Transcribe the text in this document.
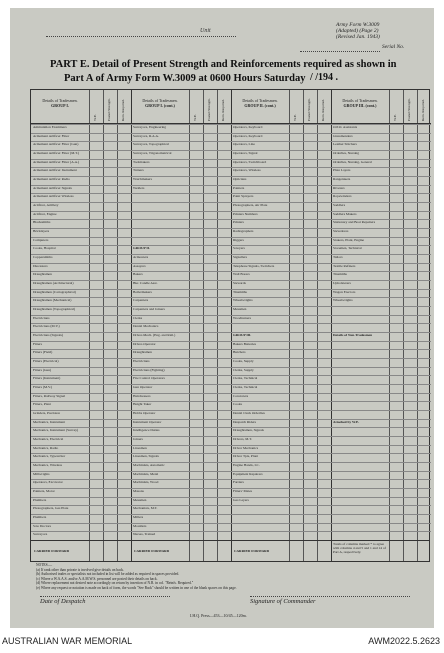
Unit
Army Form W.3009
(Adapted) (Page 2)
(Revised Jan. 1943)
Serial No.
PART E. Detail of Present Strength and Reinforcements required as shown in
Part A of Army Form W.3009 at 0600 Hours Saturday / /194 .
Details of Tradesmen.
GROUP I.
W.E.	Posted Strength.	Rein. Required.
Ammunition Examiners
Armament Artificer Fitter
Armament Artificer Fitter (Gun)
Armament Artificer Fitter (M.T.)
Armament Artificer Fitter (A.A.)
Armament Artificer Instrument
Armament Artificer Radio
Armament Artificer Signals
Armament Artificer Wireless
Artificer, Artillery
Artificer, Engine
Blacksmiths
Bricklayers
Computers
Cooks, Hospital
Coppersmiths
Diecasters
Draughtsmen
Draughtsmen (Architectural)
Draughtsmen (Cartographical)
Draughtsmen (Mechanical)
Draughtsmen (Topographical)
Electricians
Electricians (M.V.)
Electricians (Signals)
Fitters
Fitters (Field)
Fitters (Electrical)
Fitters (Gun)
Fitters (Instrument)
Fitters (M.V.)
Fitters, Railway Signal
Fitters, Plant
Grinders, Precision
Mechanics, Instrument
Mechanics, Instrument (Survey)
Mechanics, Electrical
Mechanics, Radio
Mechanics, Typewriter
Mechanics, Wireless
Millwrights
Operators, Excavator
Painters, Motor
Plumbers
Photographers, Gas Plate
Plumbers
Saw Doctors
Surveyors
CARRIED FORWARD
Details of Tradesmen.
GROUP I. (cont.)
W.E.	Posted Strength.	Rein. Required.
Surveyors, Engineering
Surveyors, R.A.A.
Surveyors, Topographical
Surveyors, Trigonometrical
Toolmakers
Turners
Watchmakers
Welders
GROUP II.
Armourers
Assayers
Bakers
Bkr. Candle Asst.
Boilermakers
Carpenters
Carpenters and Joiners
Clerks
Dental Mechanics
Driver-Mech. (Eng. and Rail.)
Driver-Operator
Draughtsmen
Electricians
Electricians (Fighting)
Fire Control Operators
Gun Operator
Hairdressers
Height Taker
Hobbs Operator
Instrument Operator
Intelligence Duties
Joiners
Linesmen
Linesmen, Signals
Machinists, Automatic
Machinists, Metal
Machinists, Wood
Masons
Messmen
Mechanists, M.T.
Millers
Moulders
Nurses, Trained
CARRIED FORWARD
Details of Tradesmen.
GROUP II. (cont.)
W.E.	Posted Strength.	Rein. Required.
Operators, Keyboard
Operators, Keyboard
Operators, Lino
Operators, Signal
Operators, Switchboard
Operators, Wireless
Opticians
Painters
Paint Sprayers
Photographers, Air Plate
Printers Numbers
Printers
Radiographers
Riggers
Sawyers
Signallers
Telephone Signals, Switchers
Wall Borers
Stewards
Tinsmiths
Wheelwrights
Messmen
Woodturners
GROUP III.
Bakers Batteries
Butchers
Cooks, Supply
Clerks, Supply
Clerks, Technical
Clerks, Technical
Concreters
Cooks
Dental Clerk Orderlies
Despatch Riders
Draughtsmen, Signals
Drivers, M.T.
Driver Mechanics
Driver Tpts, Plant
Engine Hands, I.C.
Equipment Repairers
Farriers
Fitters' Mates
Gas Layers
CARRIED FORWARD
Details of Tradesmen.
GROUP III. (cont.)
W.E.	Posted Strength.	Rein. Required.
O.P.O. Assistants
Glassmenders
Leather Stitchers
Orderlies, Nursing
Orderlies, Nursing, General
Plate Layers
Rangetakers
Riveters
Ropewinders
Saddlers
Saddlers Makers
Stationary and Boat Repairers
Stevedores
Stokers, Plant, Engine
Storemen, Technical
Tailors
Textile Refiners
Tinsmiths
Upholsterers
Wagon Erectors
Wheelwrights
Details of Non-Tradesmen
Attached by W.E.
Totals of columns marked * to agree with columns 4 and 5 and 1 and 14 of Part A, respectively.
NOTES.—
(a) If rank other than private is involved give details on back.
(b) Authorised trades or specialists not included in list will be added as required in spaces provided.
(c) Where a W.A.A.S. and/or A.A.M.W.S. personnel are posted their details on back.
(d) Where replacement not desired note accordingly on return by insertion of N.R. in col. "Reinfs. Required."
(e) Where any request or notation is made on back of form, the words "See Back" should be written in one of the blank spaces on this page.
Date of Despatch	Signature of Commander
I.H.Q. Press—453—10/45—120m.
AUSTRALIAN WAR MEMORIAL	AWM2022.5.2623
